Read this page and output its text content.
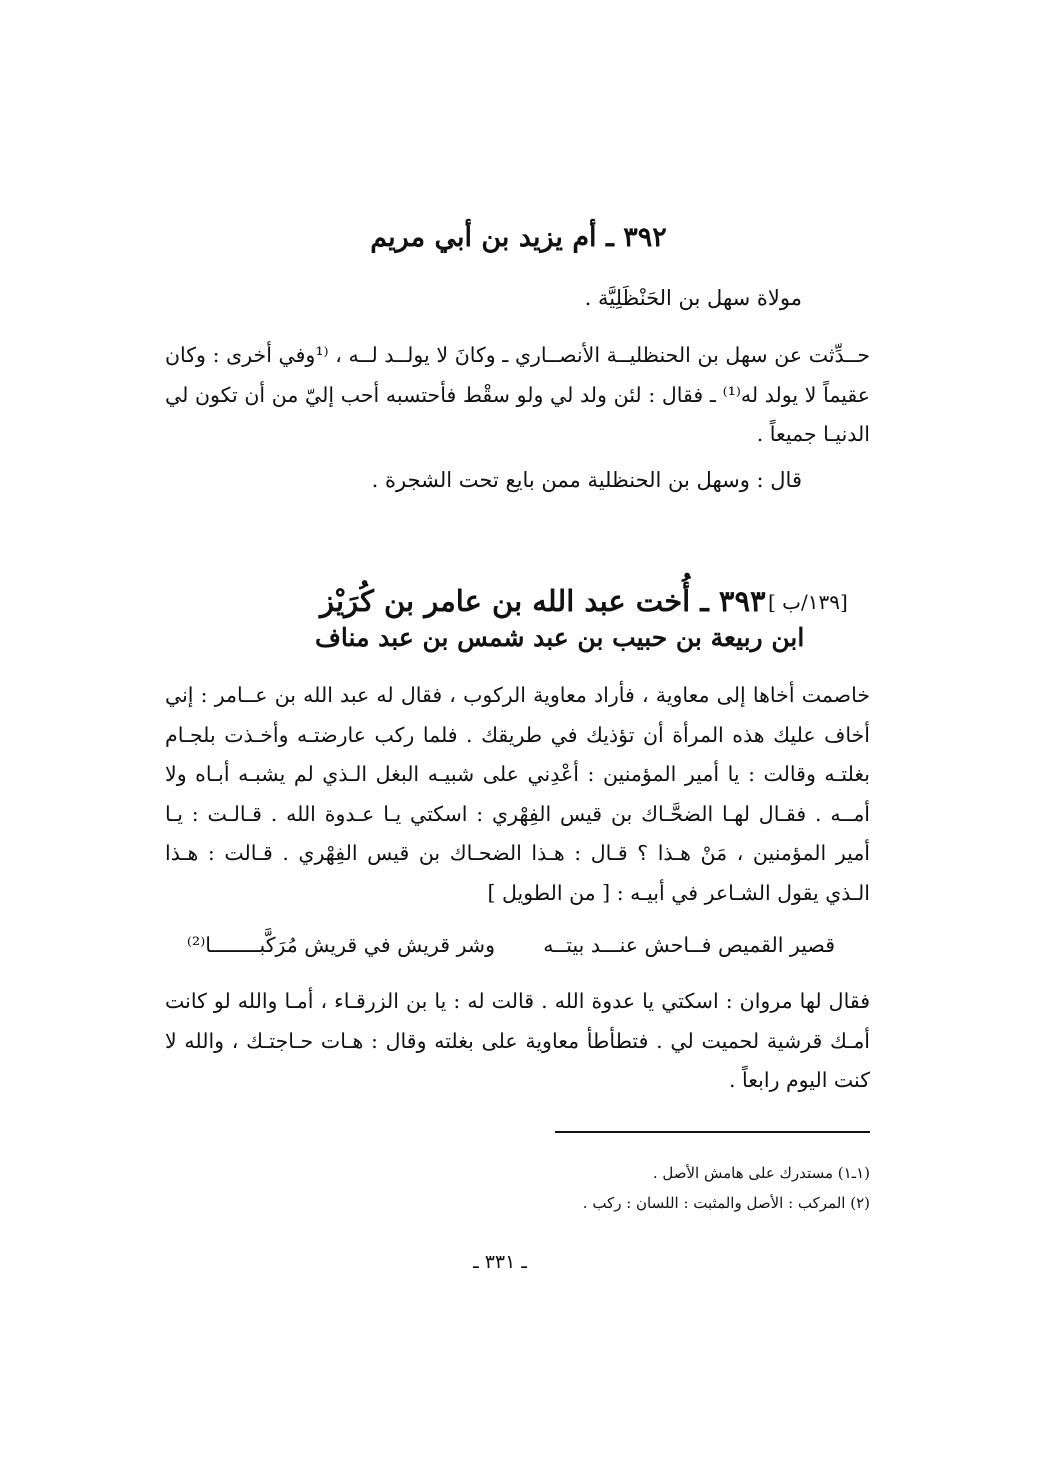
٣٩٢ ـ أم يزيد بن أبي مريم
مولاة سهل بن الحَنْظَلِيَّة .

حــدِّثت عن سهل بن الحنظليــة الأنصــاري ـ وكانَ لا يولــد لــه ، ⁽¹وفي أخرى : وكان عقيماً لا يولد له⁽¹⁾ ـ فقال : لئن ولد لي ولو سقْط فأحتسبه أحب إليّ من أن تكون لي الدنيـا جميعاً .

قال : وسهل بن الحنظلية ممن بايع تحت الشجرة .
[١٣٩/ب ]
٣٩٣ ـ أُخت عبد الله بن عامر بن كُرَيْز
ابن ربيعة بن حبيب بن عبد شمس بن عبد مناف

خاصمت أخاها إلى معاوية ، فأراد معاوية الركوب ، فقال له عبد الله بن عــامر : إني أخاف عليك هذه المرأة أن تؤذيك في طريقك . فلما ركب عارضتـه وأخـذت بلجـام بغلتـه وقالت : يا أمير المؤمنين : أعْدِني على شبيـه البغل الـذي لم يشبـه أبـاه ولا أمــه . فقـال لهـا الضحَّـاك بن قيس الفِهْري : اسكتي يـا عـدوة الله . قـالـت : يـا أمير المؤمنين ، مَنْ هـذا ؟ قـال : هـذا الضحـاك بن قيس الفِهْري . قـالت : هـذا الـذي يقول الشـاعر في أبيـه : [ من الطويل ]

قصير القميص فــاحش عنـــد بيتــه
وشر قريش في قريش مُرَكَّبــــــــا⁽²⁾

فقال لها مروان : اسكتي يا عدوة الله . قالت له : يا بن الزرقـاء ، أمـا والله لو كانت أمـك قرشية لحميت لي . فتطأطأ معاوية على بغلته وقال : هـات حـاجتـك ، والله لا كنت اليوم رابعاً .

(١ـ١) مستدرك على هامش الأصل .
(٢) المركب : الأصل والمثبت : اللسان : ركب .
ـ ٣٣١ ـ
